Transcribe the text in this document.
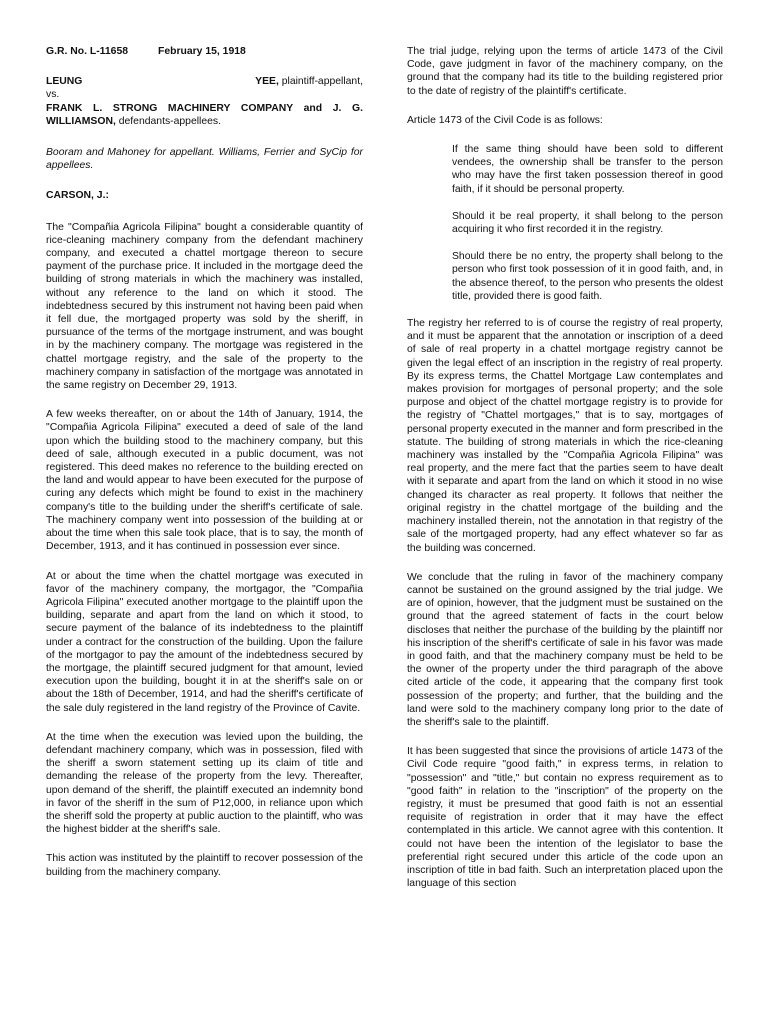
G.R. No. L-11658	February 15, 1918
LEUNG	YEE, plaintiff-appellant,
vs.
FRANK L. STRONG MACHINERY COMPANY and J. G. WILLIAMSON, defendants-appellees.

Booram and Mahoney for appellant. Williams, Ferrier and SyCip for appellees.

CARSON, J.:

The "Compañia Agricola Filipina" bought a considerable quantity of rice-cleaning machinery company from the defendant machinery company, and executed a chattel mortgage thereon to secure payment of the purchase price. It included in the mortgage deed the building of strong materials in which the machinery was installed, without any reference to the land on which it stood. The indebtedness secured by this instrument not having been paid when it fell due, the mortgaged property was sold by the sheriff, in pursuance of the terms of the mortgage instrument, and was bought in by the machinery company. The mortgage was registered in the chattel mortgage registry, and the sale of the property to the machinery company in satisfaction of the mortgage was annotated in the same registry on December 29, 1913.

A few weeks thereafter, on or about the 14th of January, 1914, the "Compañia Agricola Filipina" executed a deed of sale of the land upon which the building stood to the machinery company, but this deed of sale, although executed in a public document, was not registered. This deed makes no reference to the building erected on the land and would appear to have been executed for the purpose of curing any defects which might be found to exist in the machinery company's title to the building under the sheriff's certificate of sale. The machinery company went into possession of the building at or about the time when this sale took place, that is to say, the month of December, 1913, and it has continued in possession ever since.

At or about the time when the chattel mortgage was executed in favor of the machinery company, the mortgagor, the "Compañia Agricola Filipina" executed another mortgage to the plaintiff upon the building, separate and apart from the land on which it stood, to secure payment of the balance of its indebtedness to the plaintiff under a contract for the construction of the building. Upon the failure of the mortgagor to pay the amount of the indebtedness secured by the mortgage, the plaintiff secured judgment for that amount, levied execution upon the building, bought it in at the sheriff's sale on or about the 18th of December, 1914, and had the sheriff's certificate of the sale duly registered in the land registry of the Province of Cavite.

At the time when the execution was levied upon the building, the defendant machinery company, which was in possession, filed with the sheriff a sworn statement setting up its claim of title and demanding the release of the property from the levy. Thereafter, upon demand of the sheriff, the plaintiff executed an indemnity bond in favor of the sheriff in the sum of P12,000, in reliance upon which the sheriff sold the property at public auction to the plaintiff, who was the highest bidder at the sheriff's sale.

This action was instituted by the plaintiff to recover possession of the building from the machinery company.

The trial judge, relying upon the terms of article 1473 of the Civil Code, gave judgment in favor of the machinery company, on the ground that the company had its title to the building registered prior to the date of registry of the plaintiff's certificate.

Article 1473 of the Civil Code is as follows:

If the same thing should have been sold to different vendees, the ownership shall be transfer to the person who may have the first taken possession thereof in good faith, if it should be personal property.

Should it be real property, it shall belong to the person acquiring it who first recorded it in the registry.

Should there be no entry, the property shall belong to the person who first took possession of it in good faith, and, in the absence thereof, to the person who presents the oldest title, provided there is good faith.

The registry her referred to is of course the registry of real property, and it must be apparent that the annotation or inscription of a deed of sale of real property in a chattel mortgage registry cannot be given the legal effect of an inscription in the registry of real property. By its express terms, the Chattel Mortgage Law contemplates and makes provision for mortgages of personal property; and the sole purpose and object of the chattel mortgage registry is to provide for the registry of "Chattel mortgages," that is to say, mortgages of personal property executed in the manner and form prescribed in the statute. The building of strong materials in which the rice-cleaning machinery was installed by the "Compañia Agricola Filipina" was real property, and the mere fact that the parties seem to have dealt with it separate and apart from the land on which it stood in no wise changed its character as real property. It follows that neither the original registry in the chattel mortgage of the building and the machinery installed therein, not the annotation in that registry of the sale of the mortgaged property, had any effect whatever so far as the building was concerned.

We conclude that the ruling in favor of the machinery company cannot be sustained on the ground assigned by the trial judge. We are of opinion, however, that the judgment must be sustained on the ground that the agreed statement of facts in the court below discloses that neither the purchase of the building by the plaintiff nor his inscription of the sheriff's certificate of sale in his favor was made in good faith, and that the machinery company must be held to be the owner of the property under the third paragraph of the above cited article of the code, it appearing that the company first took possession of the property; and further, that the building and the land were sold to the machinery company long prior to the date of the sheriff's sale to the plaintiff.

It has been suggested that since the provisions of article 1473 of the Civil Code require "good faith," in express terms, in relation to "possession" and "title," but contain no express requirement as to "good faith" in relation to the "inscription" of the property on the registry, it must be presumed that good faith is not an essential requisite of registration in order that it may have the effect contemplated in this article. We cannot agree with this contention. It could not have been the intention of the legislator to base the preferential right secured under this article of the code upon an inscription of title in bad faith. Such an interpretation placed upon the language of this section
